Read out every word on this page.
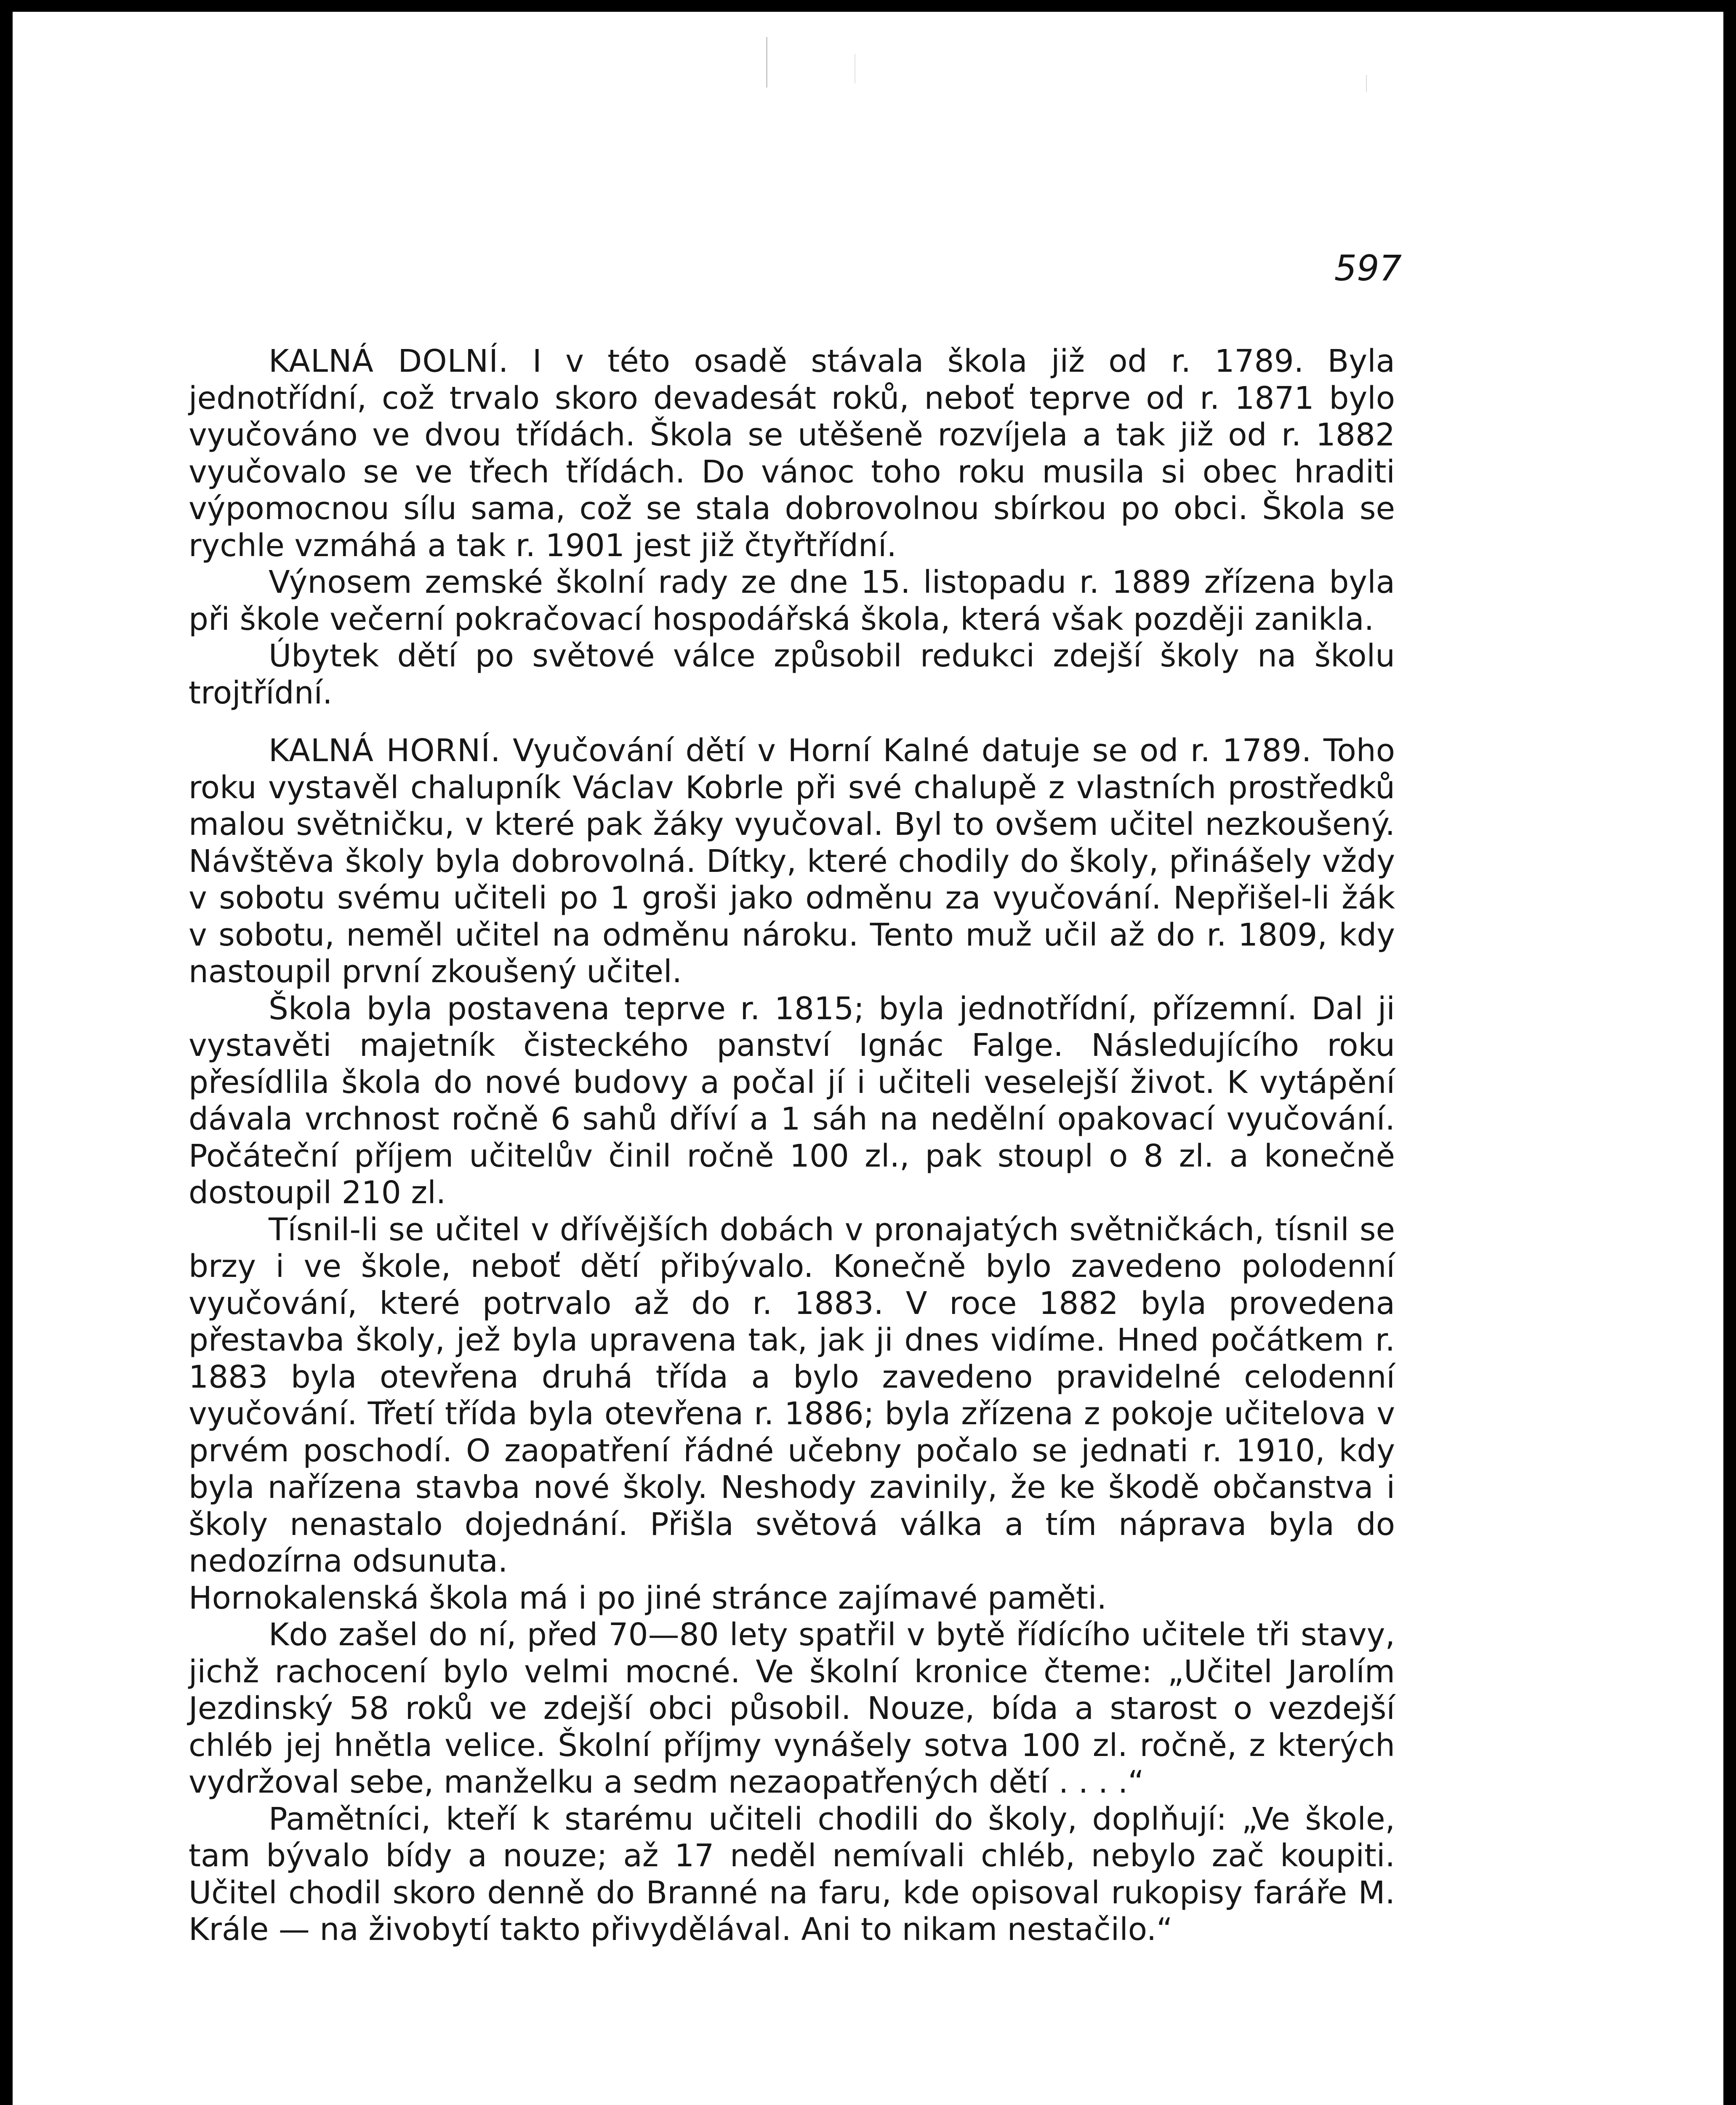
597

KALNÁ DOLNÍ. I v této osadě stávala škola již od r. 1789. Byla jednotřídní, což trvalo skoro devadesát roků, neboť teprve od r. 1871 bylo vyučováno ve dvou třídách. Škola se utěšeně rozvíjela a tak již od r. 1882 vyučovalo se ve třech třídách. Do vánoc toho roku musila si obec hraditi výpomocnou sílu sama, což se stala dobrovolnou sbírkou po obci. Škola se rychle vzmáhá a tak r. 1901 jest již čtyřtřídní.

Výnosem zemské školní rady ze dne 15. listopadu r. 1889 zřízena byla při škole večerní pokračovací hospodářská škola, která však později zanikla.

Úbytek dětí po světové válce způsobil redukci zdejší školy na školu trojtřídní.

KALNÁ HORNÍ. Vyučování dětí v Horní Kalné datuje se od r. 1789. Toho roku vystavěl chalupník Václav Kobrle při své chalupě z vlastních prostředků malou světničku, v které pak žáky vyučoval. Byl to ovšem učitel nezkoušený. Návštěva školy byla dobrovolná. Dítky, které chodily do školy, přinášely vždy v sobotu svému učiteli po 1 groši jako odměnu za vyučování. Nepřišel-li žák v sobotu, neměl učitel na odměnu nároku. Tento muž učil až do r. 1809, kdy nastoupil první zkoušený učitel.

Škola byla postavena teprve r. 1815; byla jednotřídní, přízemní. Dal ji vystavěti majetník čisteckého panství Ignác Falge. Následujícího roku přesídlila škola do nové budovy a počal jí i učiteli veselejší život. K vytápění dávala vrchnost ročně 6 sahů dříví a 1 sáh na nedělní opakovací vyučování. Počáteční příjem učitelův činil ročně 100 zl., pak stoupl o 8 zl. a konečně dostoupil 210 zl.

Tísnil-li se učitel v dřívějších dobách v pronajatých světničkách, tísnil se brzy i ve škole, neboť dětí přibývalo. Konečně bylo zavedeno polodenní vyučování, které potrvalo až do r. 1883. V roce 1882 byla provedena přestavba školy, jež byla upravena tak, jak ji dnes vidíme. Hned počátkem r. 1883 byla otevřena druhá třída a bylo zavedeno pravidelné celodenní vyučování. Třetí třída byla otevřena r. 1886; byla zřízena z pokoje učitelova v prvém poschodí. O zaopatření řádné učebny počalo se jednati r. 1910, kdy byla nařízena stavba nové školy. Neshody zavinily, že ke škodě občanstva i školy nenastalo dojednání. Přišla světová válka a tím náprava byla do nedozírna odsunuta.

Hornokalenská škola má i po jiné stránce zajímavé paměti.

Kdo zašel do ní, před 70—80 lety spatřil v bytě řídícího učitele tři stavy, jichž rachocení bylo velmi mocné. Ve školní kronice čteme: „Učitel Jarolím Jezdinský 58 roků ve zdejší obci působil. Nouze, bída a starost o vezdejší chléb jej hnětla velice. Školní příjmy vynášely sotva 100 zl. ročně, z kterých vydržoval sebe, manželku a sedm nezaopatřených dětí . . . .“

Pamětníci, kteří k starému učiteli chodili do školy, doplňují: „Ve škole, tam bývalo bídy a nouze; až 17 neděl nemívali chléb, nebylo zač koupiti. Učitel chodil skoro denně do Branné na faru, kde opisoval rukopisy faráře M. Krále — na živobytí takto přivydělával. Ani to nikam nestačilo.“
